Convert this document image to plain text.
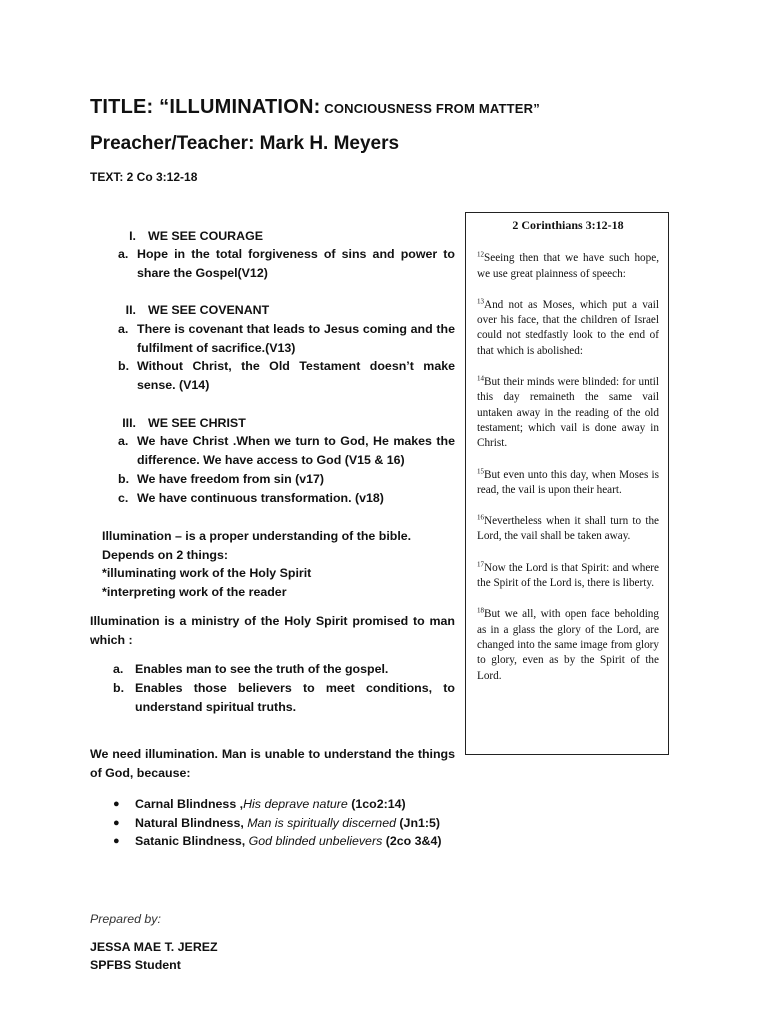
TITLE: “ILLUMINATION: CONCIOUSNESS FROM MATTER”
Preacher/Teacher: Mark H. Meyers
TEXT: 2 Co 3:12-18
I. WE SEE COURAGE
a. Hope in the total forgiveness of sins and power to share the Gospel(V12)
II. WE SEE COVENANT
a. There is covenant that leads to Jesus coming and the fulfilment of sacrifice.(V13)
b. Without Christ, the Old Testament doesn’t make sense. (V14)
III. WE SEE CHRIST
a. We have Christ .When we turn to God, He makes the difference. We have access to God (V15 & 16)
b. We have freedom from sin (v17)
c. We have continuous transformation. (v18)
Illumination – is a proper understanding of the bible.
Depends on 2 things:
*illuminating work of the Holy Spirit
*interpreting work of the reader
Illumination is a ministry of the Holy Spirit promised to man which :
a. Enables man to see the truth of the gospel.
b. Enables those believers to meet conditions, to understand spiritual truths.
We need illumination. Man is unable to understand the things of God, because:
● Carnal Blindness ,His deprave nature (1co2:14)
● Natural Blindness, Man is spiritually discerned (Jn1:5)
● Satanic Blindness, God blinded unbelievers (2co 3&4)
Prepared by:
JESSA MAE T. JEREZ
SPFBS Student
2 Corinthians 3:12-18
$^{12}$Seeing then that we have such hope, we use great plainness of speech:
$^{13}$And not as Moses, which put a vail over his face, that the children of Israel could not stedfastly look to the end of that which is abolished:
$^{14}$But their minds were blinded: for until this day remaineth the same vail untaken away in the reading of the old testament; which vail is done away in Christ.
$^{15}$But even unto this day, when Moses is read, the vail is upon their heart.
$^{16}$Nevertheless when it shall turn to the Lord, the vail shall be taken away.
$^{17}$Now the Lord is that Spirit: and where the Spirit of the Lord is, there is liberty.
$^{18}$But we all, with open face beholding as in a glass the glory of the Lord, are changed into the same image from glory to glory, even as by the Spirit of the Lord.
